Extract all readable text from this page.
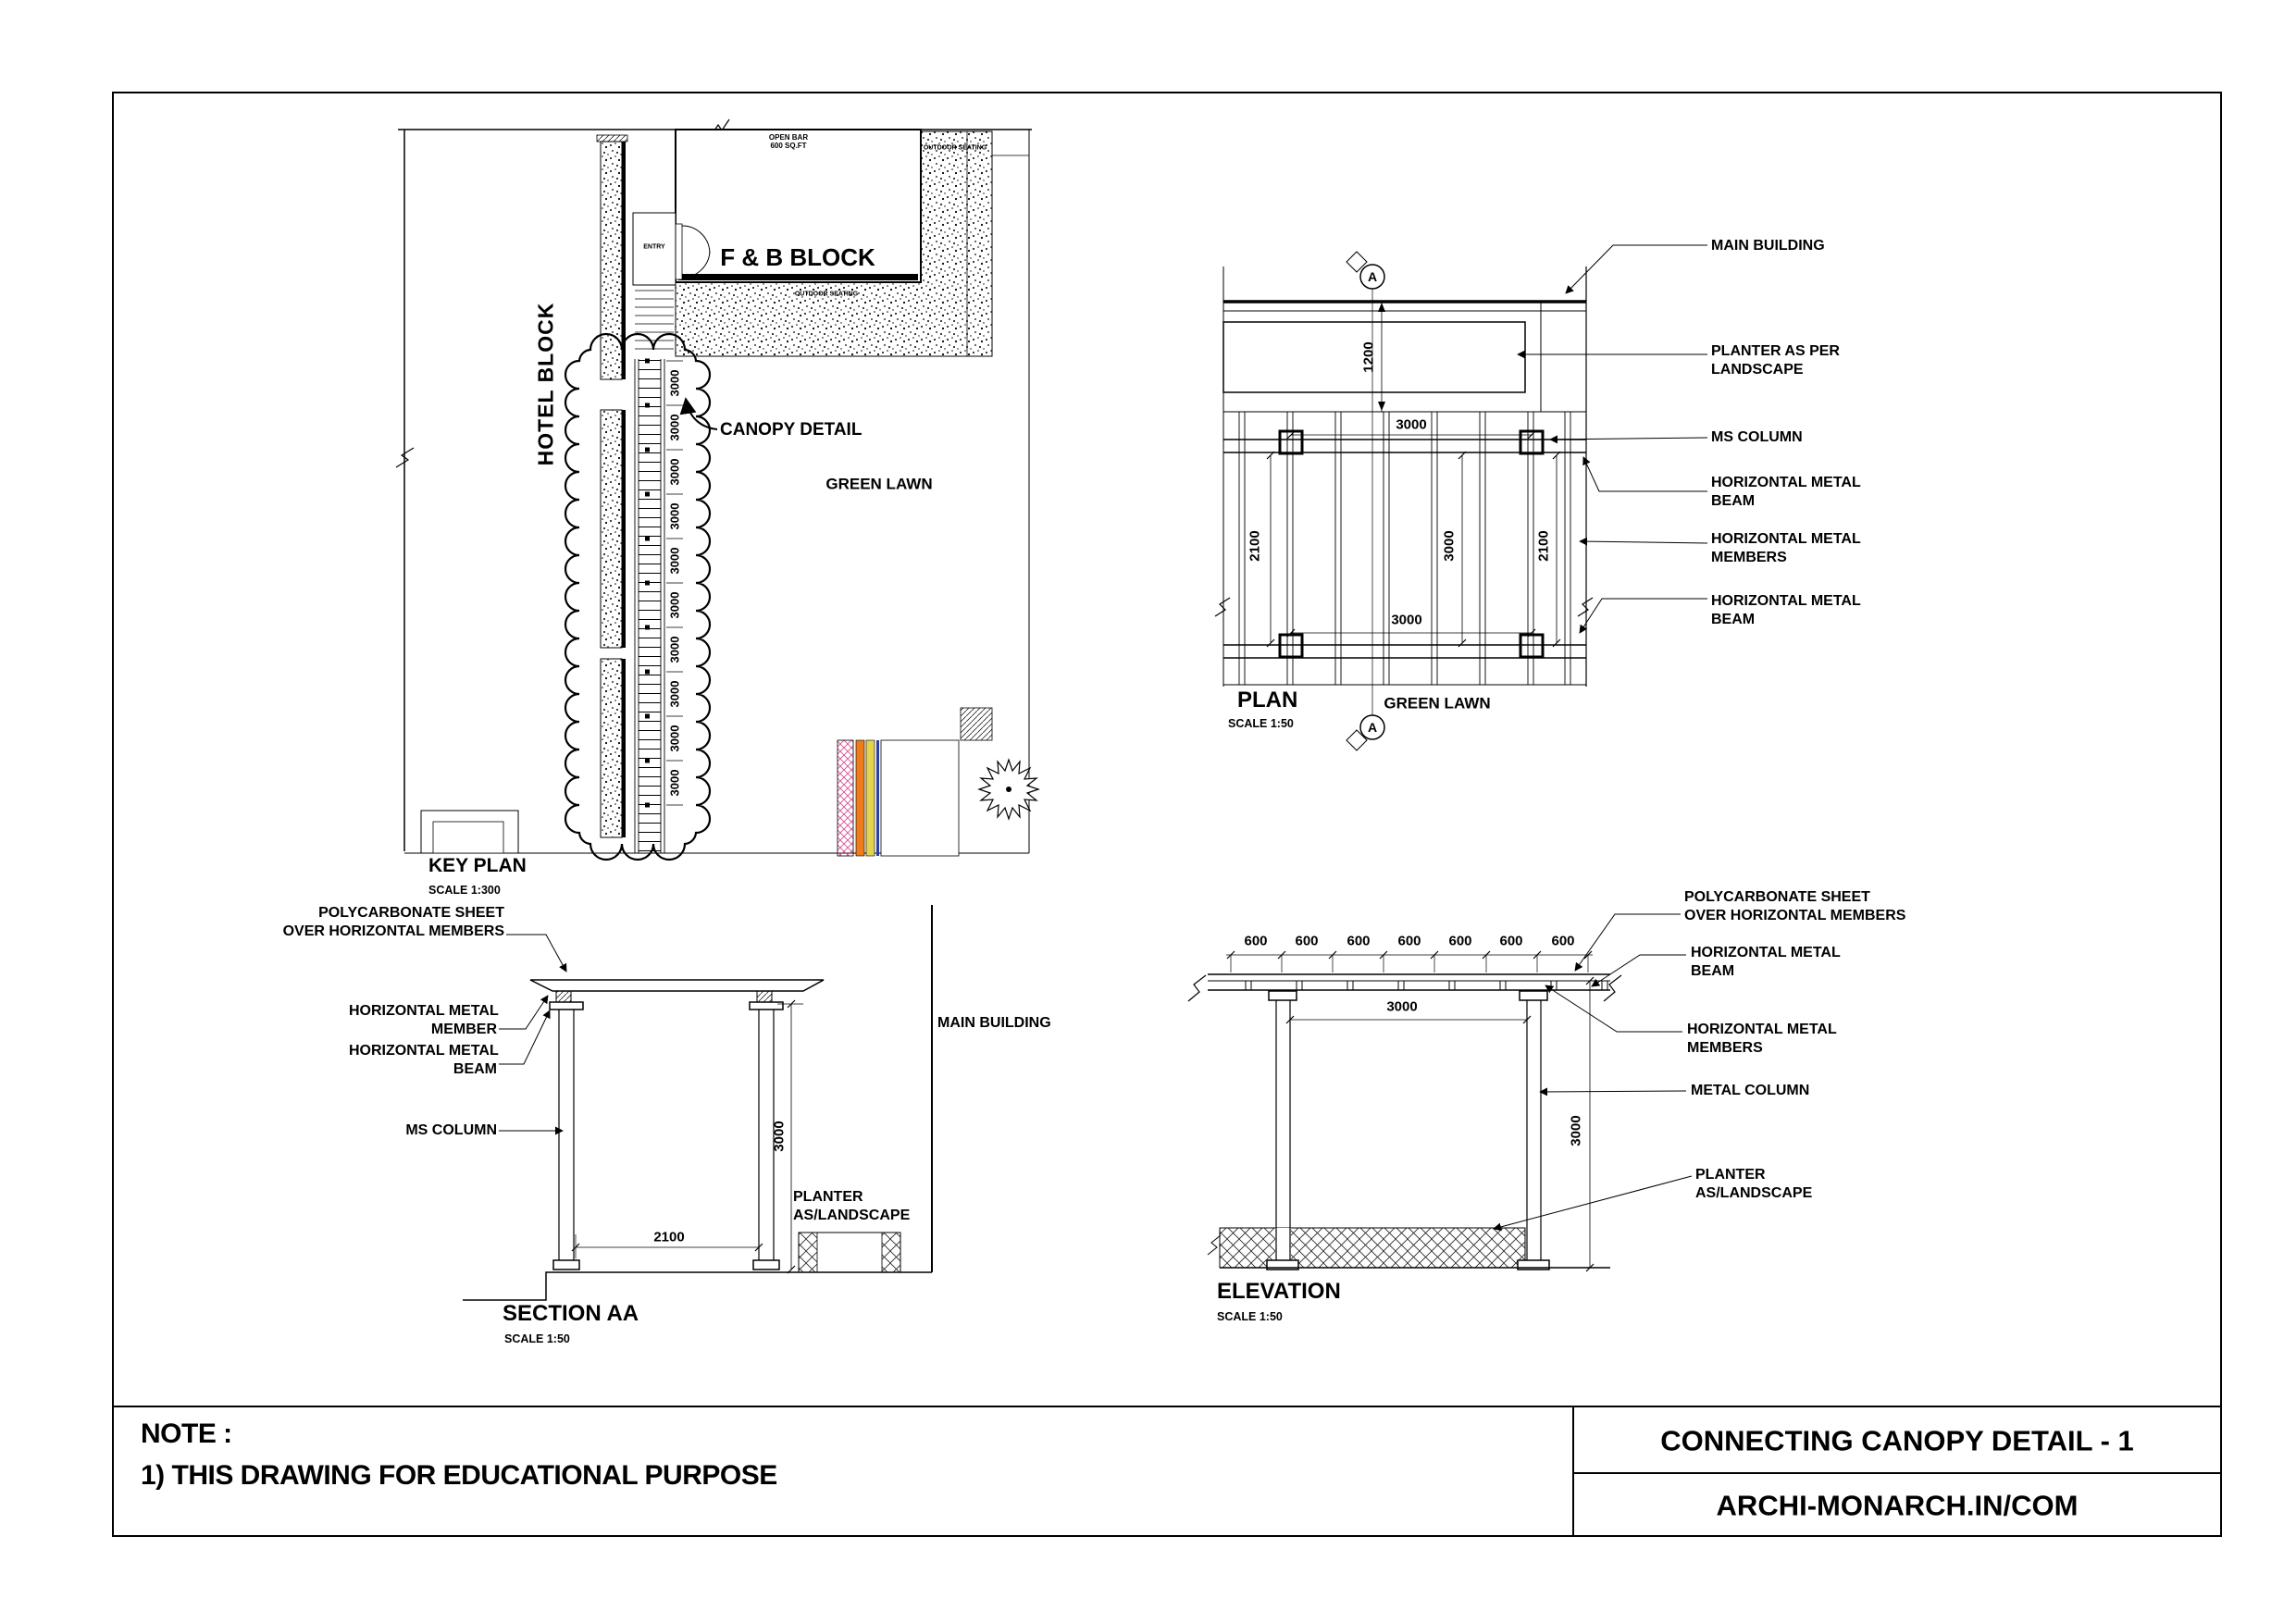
HOTEL BLOCK
F & B BLOCK
OPEN BAR
600 SQ.FT	OUTDOOR SEATING
OUTDOOR SEATING
ENTRY
CANOPY DETAIL
GREEN LAWN
3000
3000
3000
3000
3000
3000
3000
3000
3000
3000
KEY PLAN
SCALE 1:300
A
A
1200
3000
3000
2100	3000	2100
PLAN
SCALE 1:50
GREEN LAWN
MAIN BUILDING
PLANTER AS PER
LANDSCAPE
MS COLUMN
HORIZONTAL METAL
BEAM
HORIZONTAL METAL
MEMBERS
HORIZONTAL METAL
BEAM
POLYCARBONATE SHEET
OVER HORIZONTAL MEMBERS
HORIZONTAL METAL
MEMBER
HORIZONTAL METAL
BEAM
MS COLUMN
PLANTER
AS/LANDSCAPE
MAIN BUILDING
2100
3000
SECTION AA
SCALE 1:50
600 600 600 600 600 600 600
3000
3000
POLYCARBONATE SHEET
OVER HORIZONTAL MEMBERS
HORIZONTAL METAL
BEAM
HORIZONTAL METAL
MEMBERS
METAL COLUMN
PLANTER
AS/LANDSCAPE
ELEVATION
SCALE 1:50
NOTE :
1) THIS DRAWING FOR EDUCATIONAL PURPOSE
CONNECTING CANOPY DETAIL - 1
ARCHI-MONARCH.IN/COM
